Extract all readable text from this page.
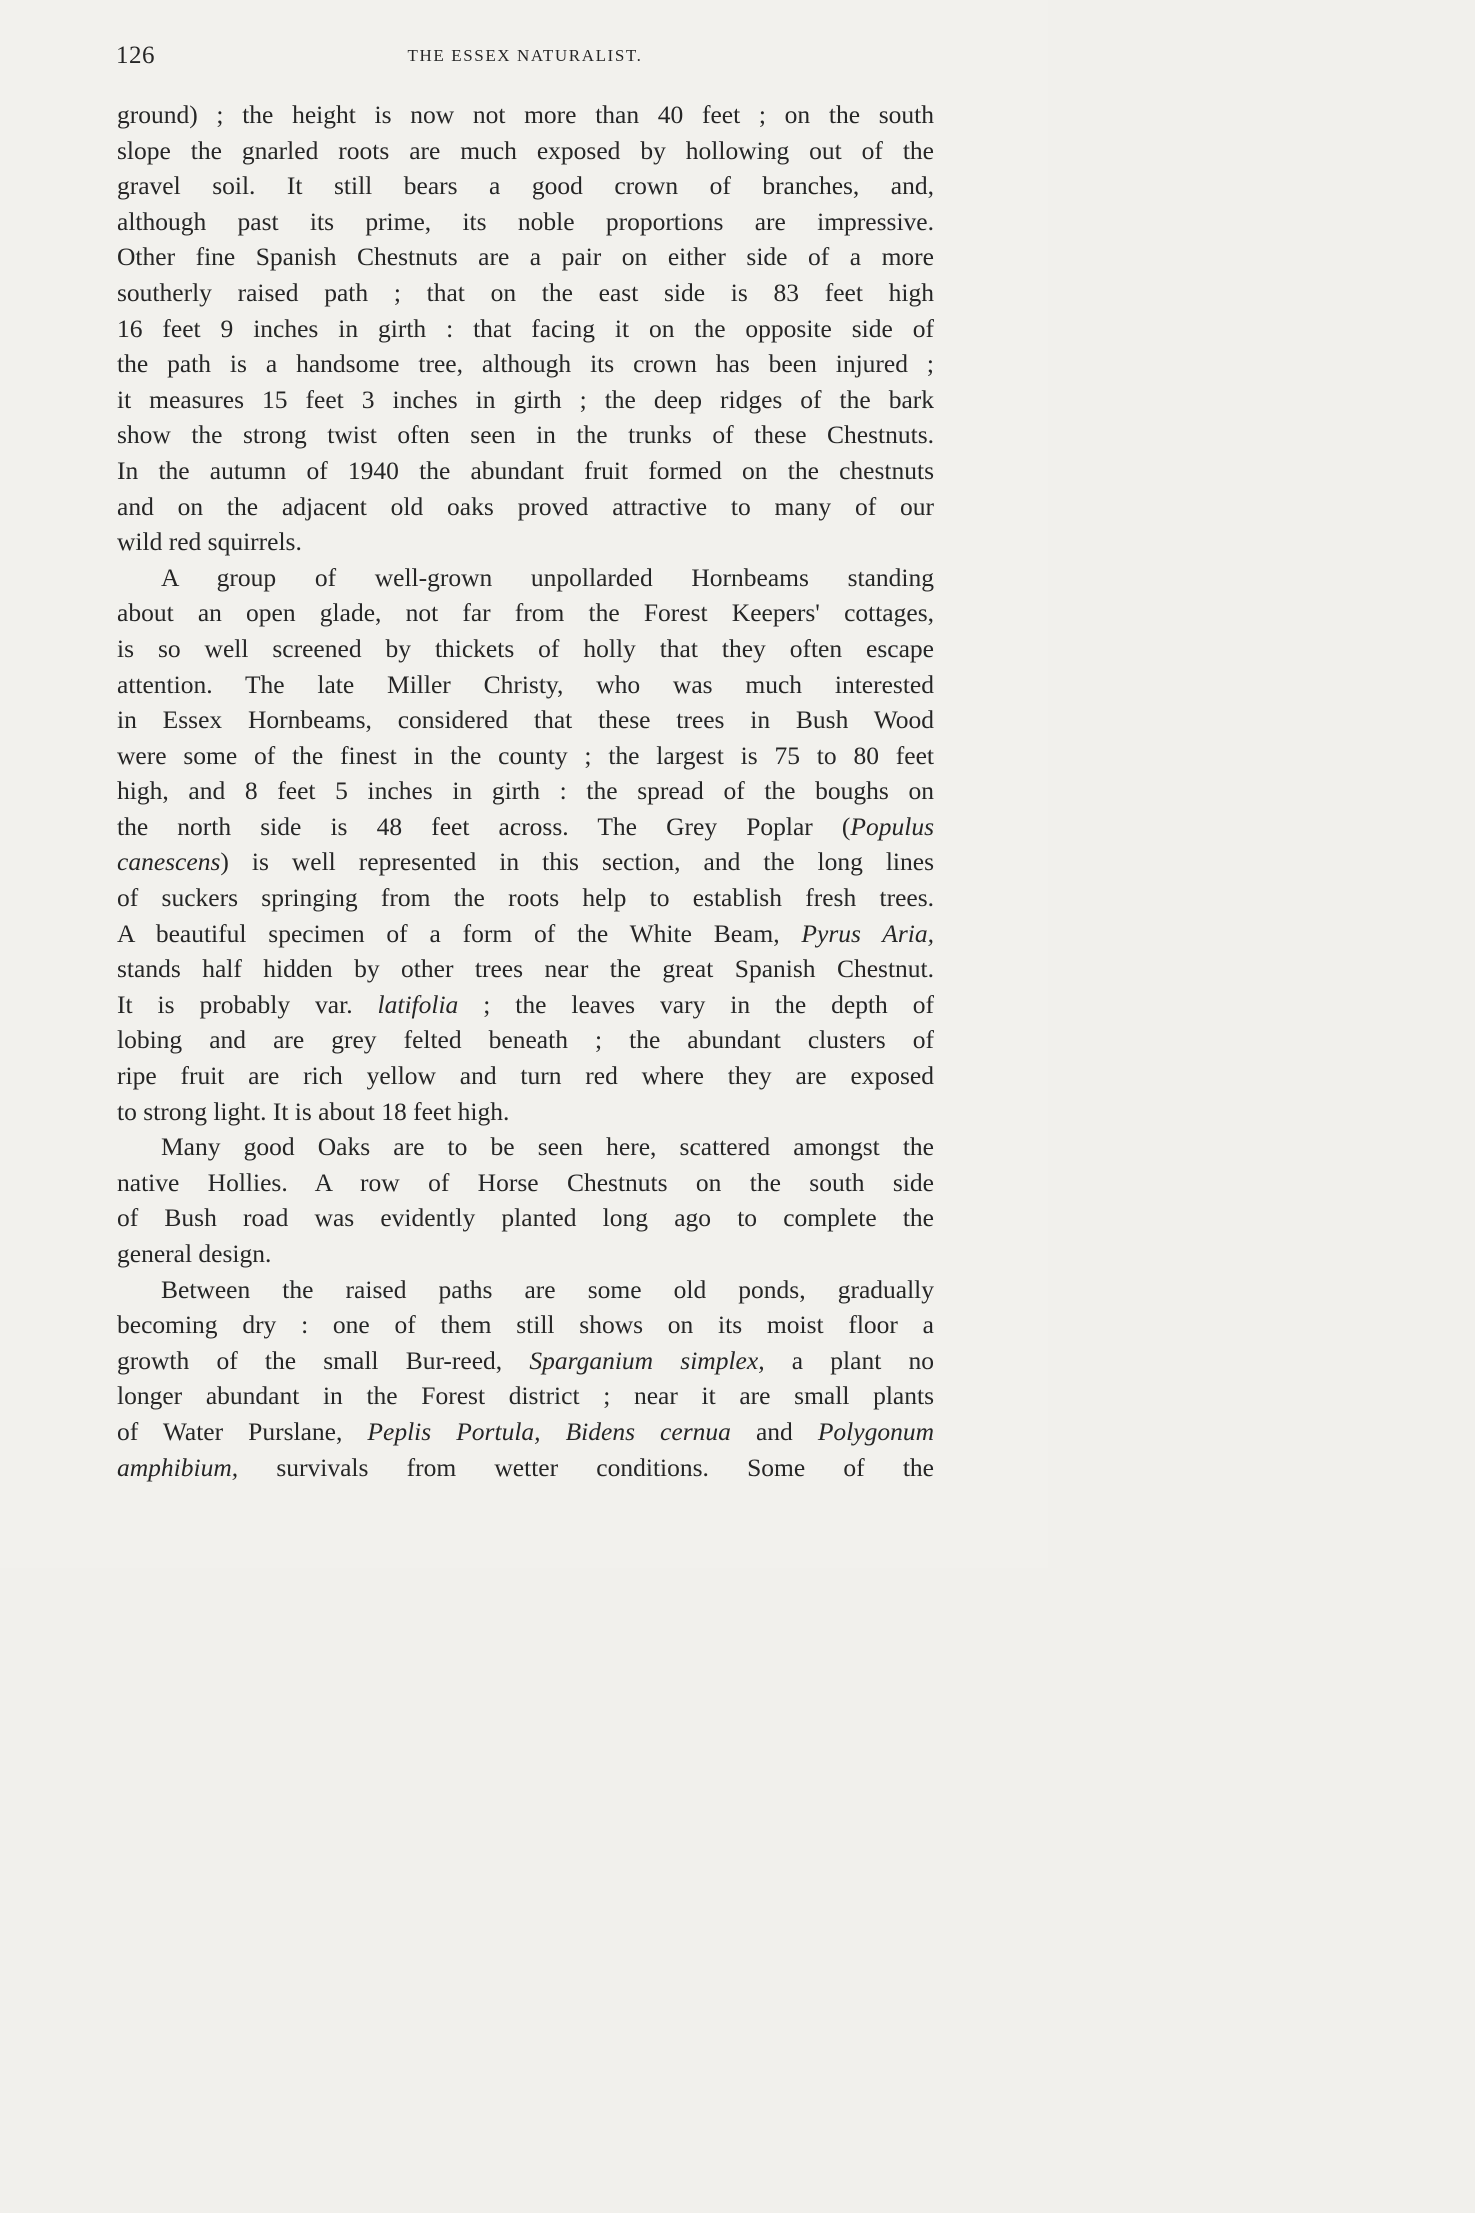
126	THE ESSEX NATURALIST.
ground) ; the height is now not more than 40 feet ; on the south
slope the gnarled roots are much exposed by hollowing out of the
gravel soil. It still bears a good crown of branches, and,
although past its prime, its noble proportions are impressive.
Other fine Spanish Chestnuts are a pair on either side of a more
southerly raised path ; that on the east side is 83 feet high
16 feet 9 inches in girth : that facing it on the opposite side of
the path is a handsome tree, although its crown has been injured ;
it measures 15 feet 3 inches in girth ; the deep ridges of the bark
show the strong twist often seen in the trunks of these Chestnuts.
In the autumn of 1940 the abundant fruit formed on the chestnuts
and on the adjacent old oaks proved attractive to many of our
wild red squirrels.
A group of well-grown unpollarded Hornbeams standing
about an open glade, not far from the Forest Keepers' cottages,
is so well screened by thickets of holly that they often escape
attention. The late Miller Christy, who was much interested
in Essex Hornbeams, considered that these trees in Bush Wood
were some of the finest in the county ; the largest is 75 to 80 feet
high, and 8 feet 5 inches in girth : the spread of the boughs on
the north side is 48 feet across. The Grey Poplar (Populus
canescens) is well represented in this section, and the long lines
of suckers springing from the roots help to establish fresh trees.
A beautiful specimen of a form of the White Beam, Pyrus Aria,
stands half hidden by other trees near the great Spanish Chestnut.
It is probably var. latifolia ; the leaves vary in the depth of
lobing and are grey felted beneath ; the abundant clusters of
ripe fruit are rich yellow and turn red where they are exposed
to strong light. It is about 18 feet high.
Many good Oaks are to be seen here, scattered amongst the
native Hollies. A row of Horse Chestnuts on the south side
of Bush road was evidently planted long ago to complete the
general design.
Between the raised paths are some old ponds, gradually
becoming dry : one of them still shows on its moist floor a
growth of the small Bur-reed, Sparganium simplex, a plant no
longer abundant in the Forest district ; near it are small plants
of Water Purslane, Peplis Portula, Bidens cernua and Polygonum
amphibium, survivals from wetter conditions. Some of the
